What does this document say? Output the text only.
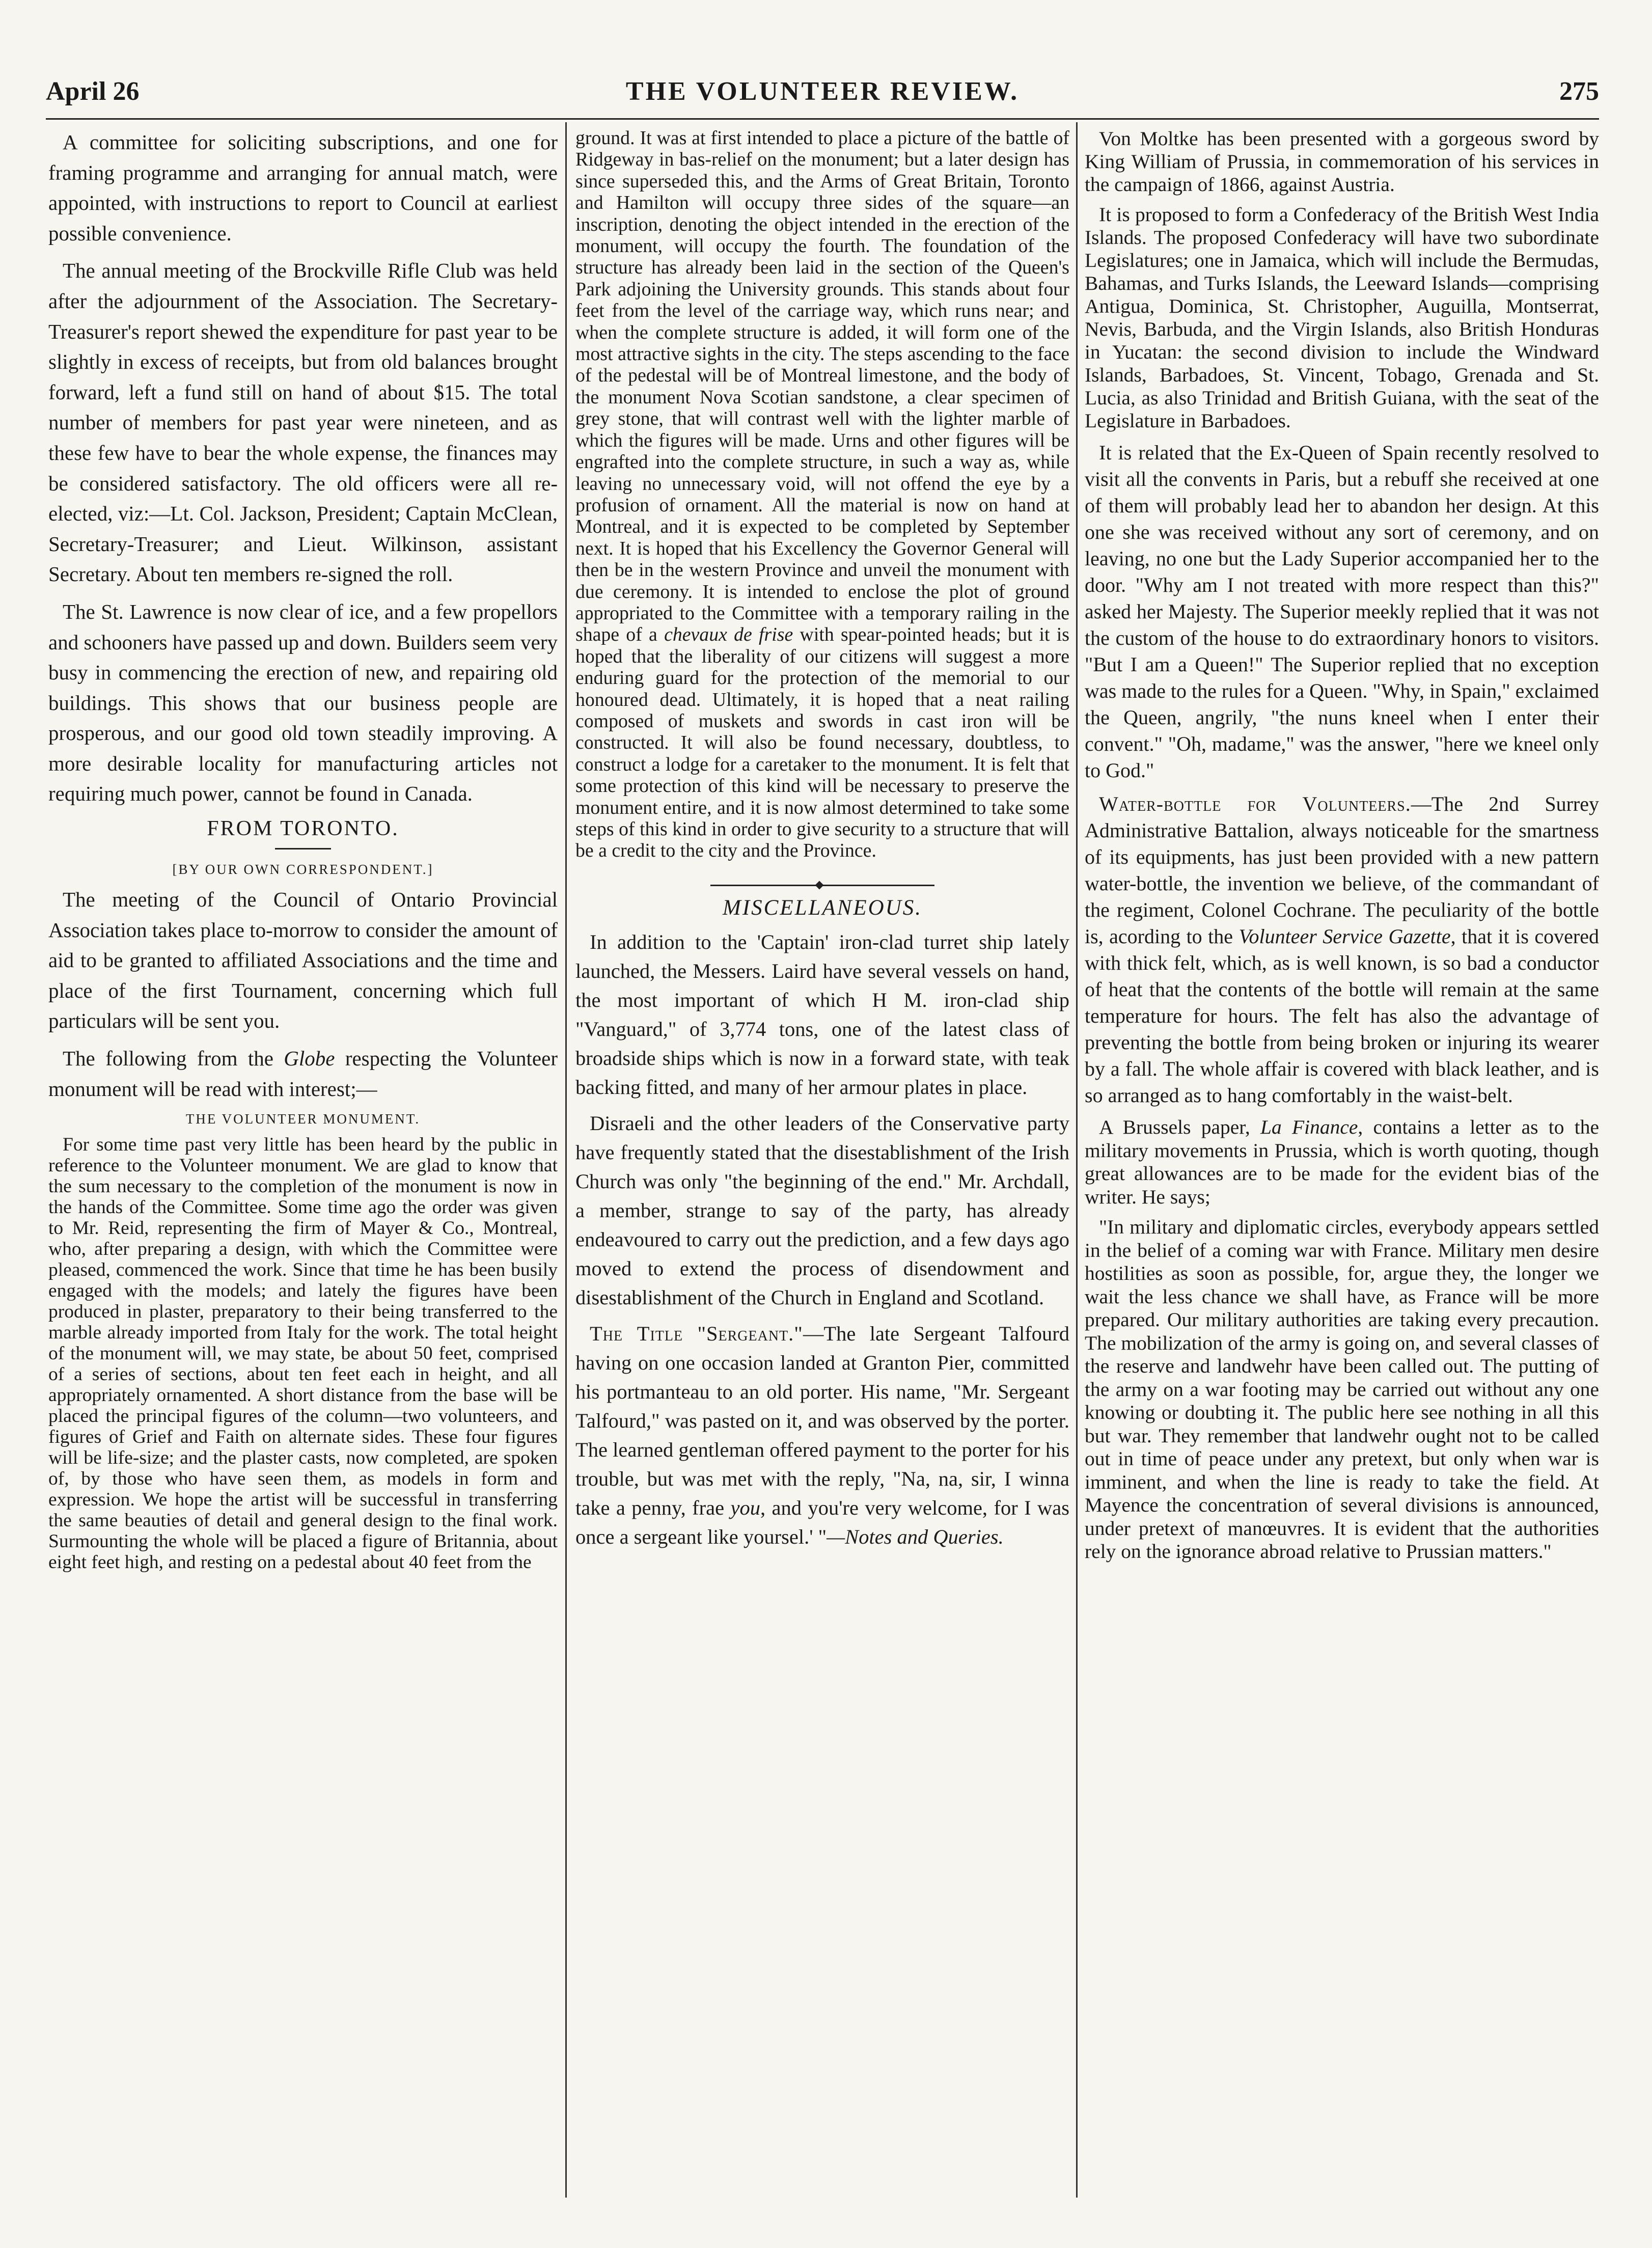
April 26	THE VOLUNTEER REVIEW.	275

A committee for soliciting subscriptions, and one for framing programme and arranging for annual match, were appointed, with instructions to report to Council at earliest possible convenience.

The annual meeting of the Brockville Rifle Club was held after the adjournment of the Association. The Secretary-Treasurer's report shewed the expenditure for past year to be slightly in excess of receipts, but from old balances brought forward, left a fund still on hand of about $15. The total number of members for past year were nineteen, and as these few have to bear the whole expense, the finances may be considered satisfactory. The old officers were all re-elected, viz:—Lt. Col. Jackson, President; Captain McClean, Secretary-Treasurer; and Lieut. Wilkinson, assistant Secretary. About ten members re-signed the roll.

The St. Lawrence is now clear of ice, and a few propellors and schooners have passed up and down. Builders seem very busy in commencing the erection of new, and repairing old buildings. This shows that our business people are prosperous, and our good old town steadily improving. A more desirable locality for manufacturing articles not requiring much power, cannot be found in Canada.

FROM TORONTO.

[BY OUR OWN CORRESPONDENT.]

The meeting of the Council of Ontario Provincial Association takes place to-morrow to consider the amount of aid to be granted to affiliated Associations and the time and place of the first Tournament, concerning which full particulars will be sent you.

The following from the Globe respecting the Volunteer monument will be read with interest;—

THE VOLUNTEER MONUMENT.

For some time past very little has been heard by the public in reference to the Volunteer monument. We are glad to know that the sum necessary to the completion of the monument is now in the hands of the Committee. Some time ago the order was given to Mr. Reid, representing the firm of Mayer & Co., Montreal, who, after preparing a design, with which the Committee were pleased, commenced the work. Since that time he has been busily engaged with the models; and lately the figures have been produced in plaster, preparatory to their being transferred to the marble already imported from Italy for the work. The total height of the monument will, we may state, be about 50 feet, comprised of a series of sections, about ten feet each in height, and all appropriately ornamented. A short distance from the base will be placed the principal figures of the column—two volunteers, and figures of Grief and Faith on alternate sides. These four figures will be life-size; and the plaster casts, now completed, are spoken of, by those who have seen them, as models in form and expression. We hope the artist will be successful in transferring the same beauties of detail and general design to the final work. Surmounting the whole will be placed a figure of Britannia, about eight feet high, and resting on a pedestal about 40 feet from the

ground. It was at first intended to place a picture of the battle of Ridgeway in bas-relief on the monument; but a later design has since superseded this, and the Arms of Great Britain, Toronto and Hamilton will occupy three sides of the square—an inscription, denoting the object intended in the erection of the monument, will occupy the fourth. The foundation of the structure has already been laid in the section of the Queen's Park adjoining the University grounds. This stands about four feet from the level of the carriage way, which runs near; and when the complete structure is added, it will form one of the most attractive sights in the city. The steps ascending to the face of the pedestal will be of Montreal limestone, and the body of the monument Nova Scotian sandstone, a clear specimen of grey stone, that will contrast well with the lighter marble of which the figures will be made. Urns and other figures will be engrafted into the complete structure, in such a way as, while leaving no unnecessary void, will not offend the eye by a profusion of ornament. All the material is now on hand at Montreal, and it is expected to be completed by September next. It is hoped that his Excellency the Governor General will then be in the western Province and unveil the monument with due ceremony. It is intended to enclose the plot of ground appropriated to the Committee with a temporary railing in the shape of a chevaux de frise with spear-pointed heads; but it is hoped that the liberality of our citizens will suggest a more enduring guard for the protection of the memorial to our honoured dead. Ultimately, it is hoped that a neat railing composed of muskets and swords in cast iron will be constructed. It will also be found necessary, doubtless, to construct a lodge for a caretaker to the monument. It is felt that some protection of this kind will be necessary to preserve the monument entire, and it is now almost determined to take some steps of this kind in order to give security to a structure that will be a credit to the city and the Province.

MISCELLANEOUS.

In addition to the 'Captain' iron-clad turret ship lately launched, the Messers. Laird have several vessels on hand, the most important of which H M. iron-clad ship "Vanguard," of 3,774 tons, one of the latest class of broadside ships which is now in a forward state, with teak backing fitted, and many of her armour plates in place.

Disraeli and the other leaders of the Conservative party have frequently stated that the disestablishment of the Irish Church was only "the beginning of the end." Mr. Archdall, a member, strange to say of the party, has already endeavoured to carry out the prediction, and a few days ago moved to extend the process of disendowment and disestablishment of the Church in England and Scotland.

The Title "Sergeant."—The late Sergeant Talfourd having on one occasion landed at Granton Pier, committed his portmanteau to an old porter. His name, "Mr. Sergeant Talfourd," was pasted on it, and was observed by the porter. The learned gentleman offered payment to the porter for his trouble, but was met with the reply, "Na, na, sir, I winna take a penny, frae you, and you're very welcome, for I was once a sergeant like yoursel.' "—Notes and Queries.

Von Moltke has been presented with a gorgeous sword by King William of Prussia, in commemoration of his services in the campaign of 1866, against Austria.

It is proposed to form a Confederacy of the British West India Islands. The proposed Confederacy will have two subordinate Legislatures; one in Jamaica, which will include the Bermudas, Bahamas, and Turks Islands, the Leeward Islands—comprising Antigua, Dominica, St. Christopher, Auguilla, Montserrat, Nevis, Barbuda, and the Virgin Islands, also British Honduras in Yucatan: the second division to include the Windward Islands, Barbadoes, St. Vincent, Tobago, Grenada and St. Lucia, as also Trinidad and British Guiana, with the seat of the Legislature in Barbadoes.

It is related that the Ex-Queen of Spain recently resolved to visit all the convents in Paris, but a rebuff she received at one of them will probably lead her to abandon her design. At this one she was received without any sort of ceremony, and on leaving, no one but the Lady Superior accompanied her to the door. "Why am I not treated with more respect than this?" asked her Majesty. The Superior meekly replied that it was not the custom of the house to do extraordinary honors to visitors. "But I am a Queen!" The Superior replied that no exception was made to the rules for a Queen. "Why, in Spain," exclaimed the Queen, angrily, "the nuns kneel when I enter their convent." "Oh, madame," was the answer, "here we kneel only to God."

Water-bottle for Volunteers.—The 2nd Surrey Administrative Battalion, always noticeable for the smartness of its equipments, has just been provided with a new pattern water-bottle, the invention we believe, of the commandant of the regiment, Colonel Cochrane. The peculiarity of the bottle is, acording to the Volunteer Service Gazette, that it is covered with thick felt, which, as is well known, is so bad a conductor of heat that the contents of the bottle will remain at the same temperature for hours. The felt has also the advantage of preventing the bottle from being broken or injuring its wearer by a fall. The whole affair is covered with black leather, and is so arranged as to hang comfortably in the waist-belt.

A Brussels paper, La Finance, contains a letter as to the military movements in Prussia, which is worth quoting, though great allowances are to be made for the evident bias of the writer. He says;

"In military and diplomatic circles, everybody appears settled in the belief of a coming war with France. Military men desire hostilities as soon as possible, for, argue they, the longer we wait the less chance we shall have, as France will be more prepared. Our military authorities are taking every precaution. The mobilization of the army is going on, and several classes of the reserve and landwehr have been called out. The putting of the army on a war footing may be carried out without any one knowing or doubting it. The public here see nothing in all this but war. They remember that landwehr ought not to be called out in time of peace under any pretext, but only when war is imminent, and when the line is ready to take the field. At Mayence the concentration of several divisions is announced, under pretext of manœuvres. It is evident that the authorities rely on the ignorance abroad relative to Prussian matters."
